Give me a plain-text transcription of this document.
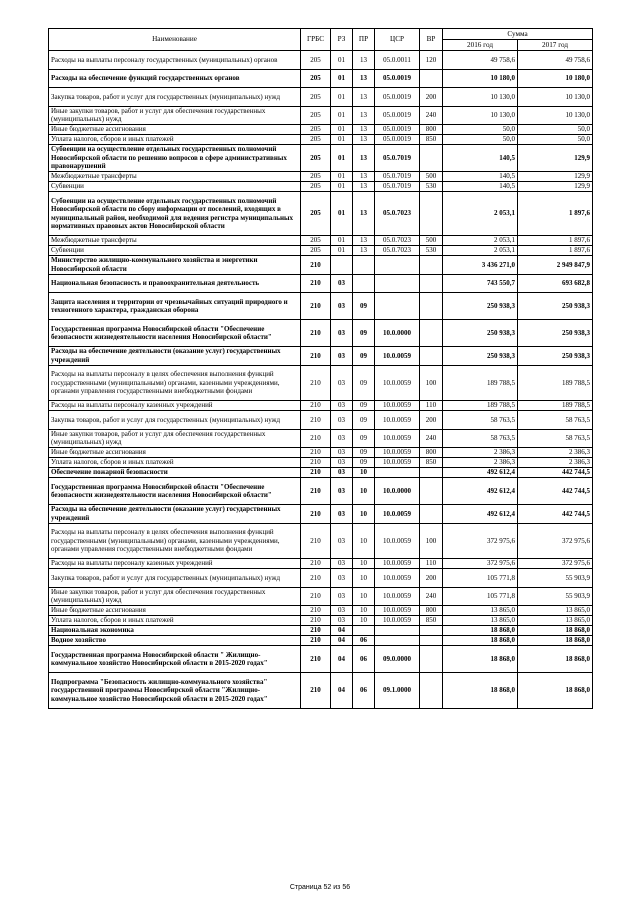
Наименование	ГРБС	РЗ	ПР	ЦСР	ВР	Сумма	
						2016 год	2017 год
Расходы на выплаты персоналу государственных (муниципальных) органов	205	01	13	05.0.0011	120	49 758,6	49 758,6
Расходы на обеспечение функций государственных органов	205	01	13	05.0.0019		10 180,0	10 180,0
Закупка товаров, работ и услуг для государственных (муниципальных) нужд	205	01	13	05.0.0019	200	10 130,0	10 130,0
Иные закупки товаров, работ и услуг для обеспечения государственных (муниципальных) нужд	205	01	13	05.0.0019	240	10 130,0	10 130,0
Иные бюджетные ассигнования	205	01	13	05.0.0019	800	50,0	50,0
Уплата налогов, сборов и иных платежей	205	01	13	05.0.0019	850	50,0	50,0
Субвенции на осуществление отдельных государственных полномочий Новосибирской области по решению вопросов в сфере административных правонарушений	205	01	13	05.0.7019		140,5	129,9
Межбюджетные трансферты	205	01	13	05.0.7019	500	140,5	129,9
Субвенции	205	01	13	05.0.7019	530	140,5	129,9
Субвенции на осуществление отдельных государственных полномочий Новосибирской области по сбору информации от поселений, входящих в муниципальный район, необходимой для ведения регистра муниципальных нормативных правовых актов Новосибирской области	205	01	13	05.0.7023		2 053,1	1 897,6
Межбюджетные трансферты	205	01	13	05.0.7023	500	2 053,1	1 897,6
Субвенции	205	01	13	05.0.7023	530	2 053,1	1 897,6
Министерство жилищно-коммунального хозяйства и энергетики Новосибирской области	210					3 436 271,0	2 949 847,9
Национальная безопасность и правоохранительная деятельность	210	03				743 550,7	693 682,8
Защита населения и территории от чрезвычайных ситуаций природного и техногенного характера, гражданская оборона	210	03	09			250 938,3	250 938,3
Государственная программа Новосибирской области "Обеспечение безопасности жизнедеятельности населения Новосибирской области"	210	03	09	10.0.0000		250 938,3	250 938,3
Расходы на обеспечение деятельности (оказание услуг) государственных учреждений	210	03	09	10.0.0059		250 938,3	250 938,3
Расходы на выплаты персоналу в целях обеспечения выполнения функций государственными (муниципальными) органами, казенными учреждениями, органами управления государственными внебюджетными фондами	210	03	09	10.0.0059	100	189 788,5	189 788,5
Расходы на выплаты персоналу казенных учреждений	210	03	09	10.0.0059	110	189 788,5	189 788,5
Закупка товаров, работ и услуг для государственных (муниципальных) нужд	210	03	09	10.0.0059	200	58 763,5	58 763,5
Иные закупки товаров, работ и услуг для обеспечения государственных (муниципальных) нужд	210	03	09	10.0.0059	240	58 763,5	58 763,5
Иные бюджетные ассигнования	210	03	09	10.0.0059	800	2 386,3	2 386,3
Уплата налогов, сборов и иных платежей	210	03	09	10.0.0059	850	2 386,3	2 386,3
Обеспечение пожарной безопасности	210	03	10			492 612,4	442 744,5
Государственная программа Новосибирской области "Обеспечение безопасности жизнедеятельности населения Новосибирской области"	210	03	10	10.0.0000		492 612,4	442 744,5
Расходы на обеспечение деятельности (оказание услуг) государственных учреждений	210	03	10	10.0.0059		492 612,4	442 744,5
Расходы на выплаты персоналу в целях обеспечения выполнения функций государственными (муниципальными) органами, казенными учреждениями, органами управления государственными внебюджетными фондами	210	03	10	10.0.0059	100	372 975,6	372 975,6
Расходы на выплаты персоналу казенных учреждений	210	03	10	10.0.0059	110	372 975,6	372 975,6
Закупка товаров, работ и услуг для государственных (муниципальных) нужд	210	03	10	10.0.0059	200	105 771,8	55 903,9
Иные закупки товаров, работ и услуг для обеспечения государственных (муниципальных) нужд	210	03	10	10.0.0059	240	105 771,8	55 903,9
Иные бюджетные ассигнования	210	03	10	10.0.0059	800	13 865,0	13 865,0
Уплата налогов, сборов и иных платежей	210	03	10	10.0.0059	850	13 865,0	13 865,0
Национальная экономика	210	04				18 868,0	18 868,0
Водное хозяйство	210	04	06			18 868,0	18 868,0
Государственная программа Новосибирской области " Жилищно-коммунальное хозяйство Новосибирской области в 2015-2020 годах"	210	04	06	09.0.0000		18 868,0	18 868,0
Подпрограмма "Безопасность жилищно-коммунального хозяйства" государственной программы Новосибирской области "Жилищно-коммунальное хозяйство Новосибирской области в 2015-2020 годах"	210	04	06	09.1.0000		18 868,0	18 868,0
Страница 52 из 56
